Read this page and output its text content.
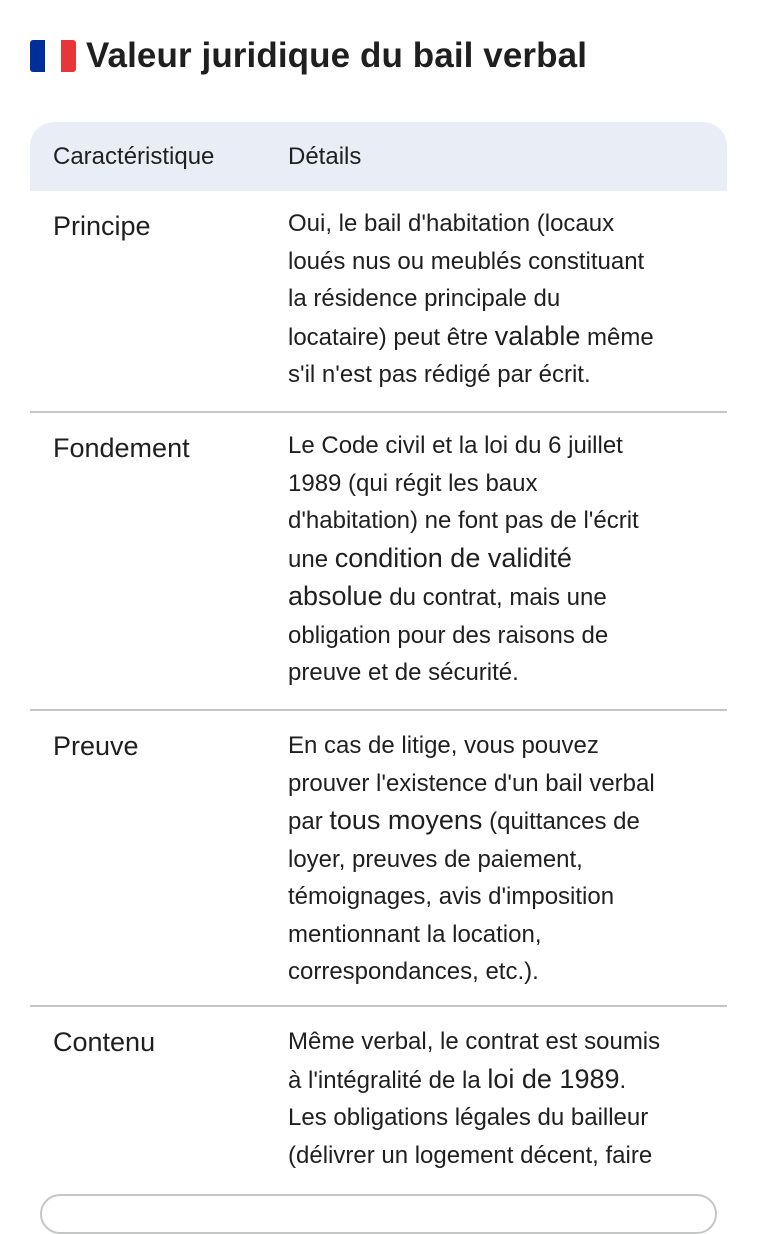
Valeur juridique du bail verbal
Caractéristique	Détails
Principe	Oui, le bail d'habitation (locaux
loués nus ou meublés constituant
la résidence principale du
locataire) peut être valable même
s'il n'est pas rédigé par écrit.
Fondement	Le Code civil et la loi du 6 juillet
1989 (qui régit les baux
d'habitation) ne font pas de l'écrit
une condition de validité
absolue du contrat, mais une
obligation pour des raisons de
preuve et de sécurité.
Preuve	En cas de litige, vous pouvez
prouver l'existence d'un bail verbal
par tous moyens (quittances de
loyer, preuves de paiement,
témoignages, avis d'imposition
mentionnant la location,
correspondances, etc.).
Contenu	Même verbal, le contrat est soumis
à l'intégralité de la loi de 1989.
Les obligations légales du bailleur
(délivrer un logement décent, faire
